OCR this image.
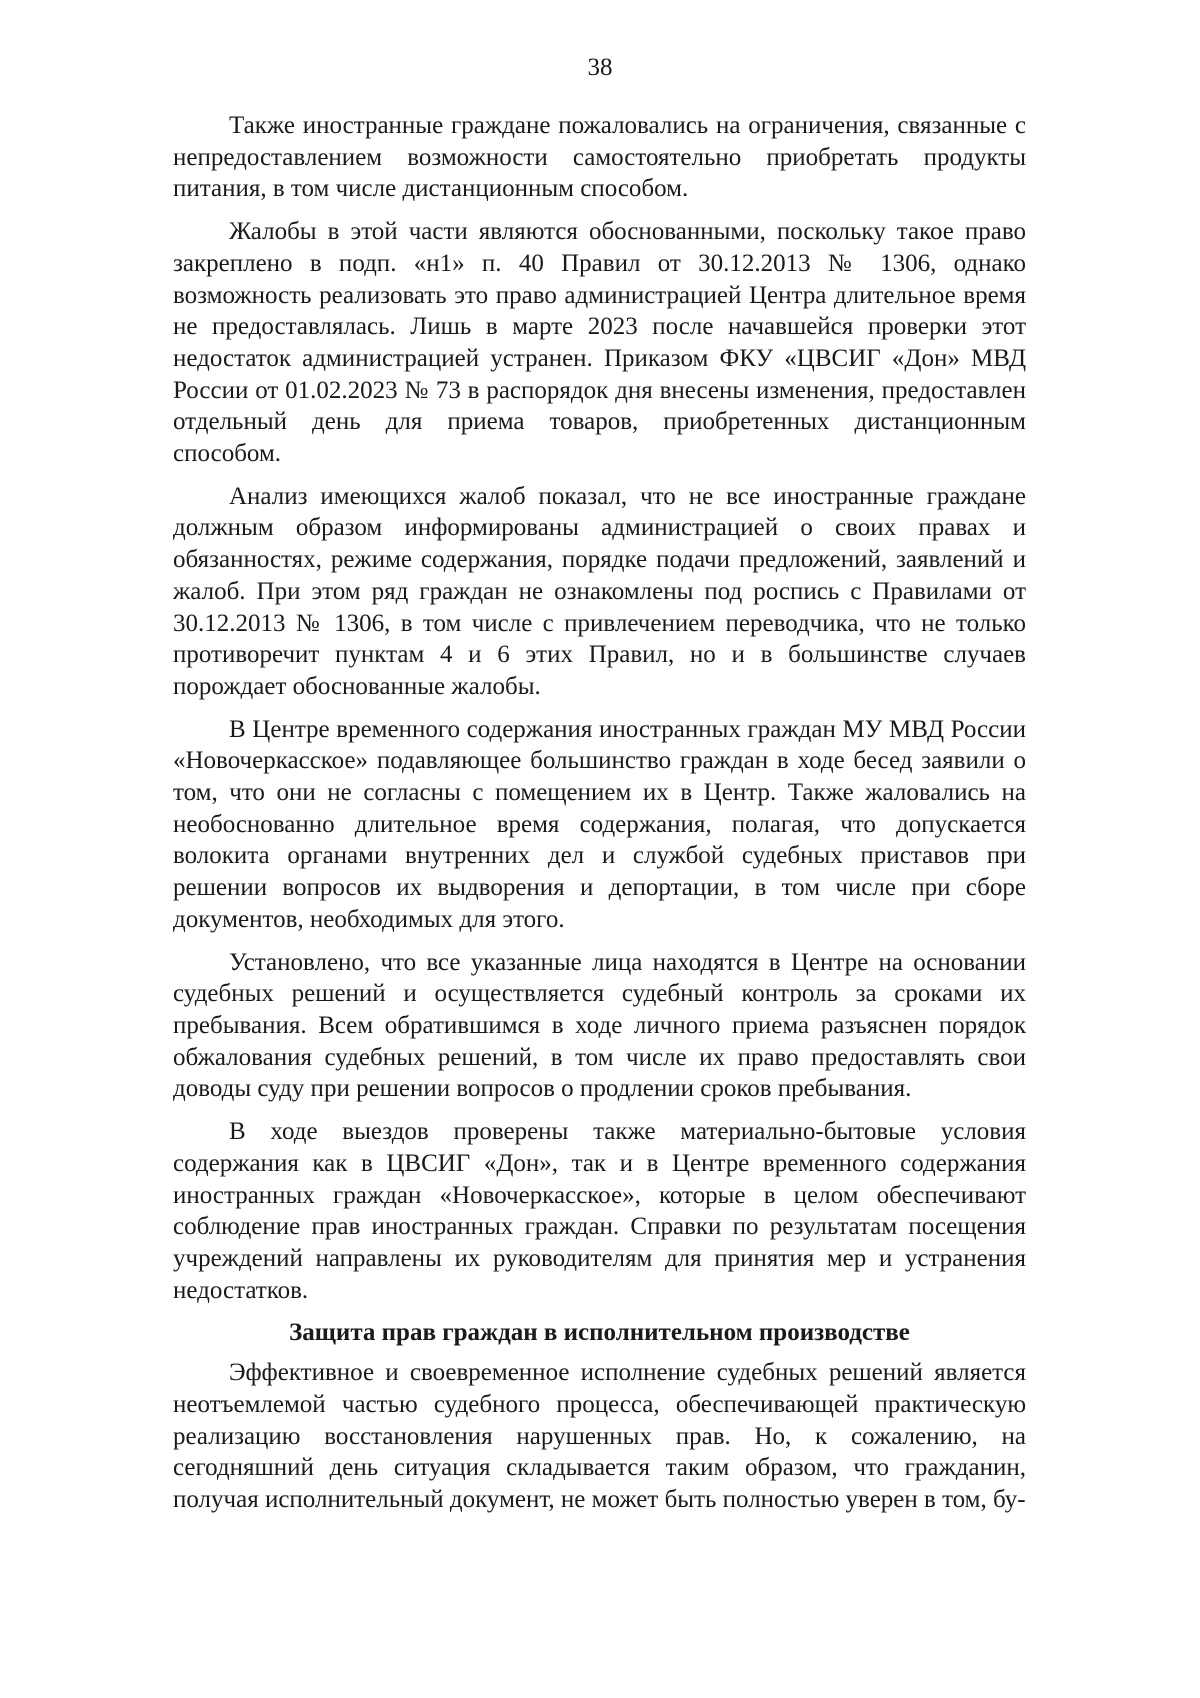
38

Также иностранные граждане пожаловались на ограничения, связанные с непредоставлением возможности самостоятельно приобретать продукты питания, в том числе дистанционным способом.

Жалобы в этой части являются обоснованными, поскольку такое право закреплено в подп. «н1» п. 40 Правил от 30.12.2013 № 1306, однако возможность реализовать это право администрацией Центра длительное время не предоставлялась. Лишь в марте 2023 после начавшейся проверки этот недостаток администрацией устранен. Приказом ФКУ «ЦВСИГ «Дон» МВД России от 01.02.2023 № 73 в распорядок дня внесены изменения, предоставлен отдельный день для приема товаров, приобретенных дистанционным способом.

Анализ имеющихся жалоб показал, что не все иностранные граждане должным образом информированы администрацией о своих правах и обязанностях, режиме содержания, порядке подачи предложений, заявлений и жалоб. При этом ряд граждан не ознакомлены под роспись с Правилами от 30.12.2013 № 1306, в том числе с привлечением переводчика, что не только противоречит пунктам 4 и 6 этих Правил, но и в большинстве случаев порождает обоснованные жалобы.

В Центре временного содержания иностранных граждан МУ МВД России «Новочеркасское» подавляющее большинство граждан в ходе бесед заявили о том, что они не согласны с помещением их в Центр. Также жаловались на необоснованно длительное время содержания, полагая, что допускается волокита органами внутренних дел и службой судебных приставов при решении вопросов их выдворения и депортации, в том числе при сборе документов, необходимых для этого.

Установлено, что все указанные лица находятся в Центре на основании судебных решений и осуществляется судебный контроль за сроками их пребывания. Всем обратившимся в ходе личного приема разъяснен порядок обжалования судебных решений, в том числе их право предоставлять свои доводы суду при решении вопросов о продлении сроков пребывания.

В ходе выездов проверены также материально-бытовые условия содержания как в ЦВСИГ «Дон», так и в Центре временного содержания иностранных граждан «Новочеркасское», которые в целом обеспечивают соблюдение прав иностранных граждан. Справки по результатам посещения учреждений направлены их руководителям для принятия мер и устранения недостатков.

Защита прав граждан в исполнительном производстве

Эффективное и своевременное исполнение судебных решений является неотъемлемой частью судебного процесса, обеспечивающей практическую реализацию восстановления нарушенных прав. Но, к сожалению, на сегодняшний день ситуация складывается таким образом, что гражданин, получая исполнительный документ, не может быть полностью уверен в том, бу-
